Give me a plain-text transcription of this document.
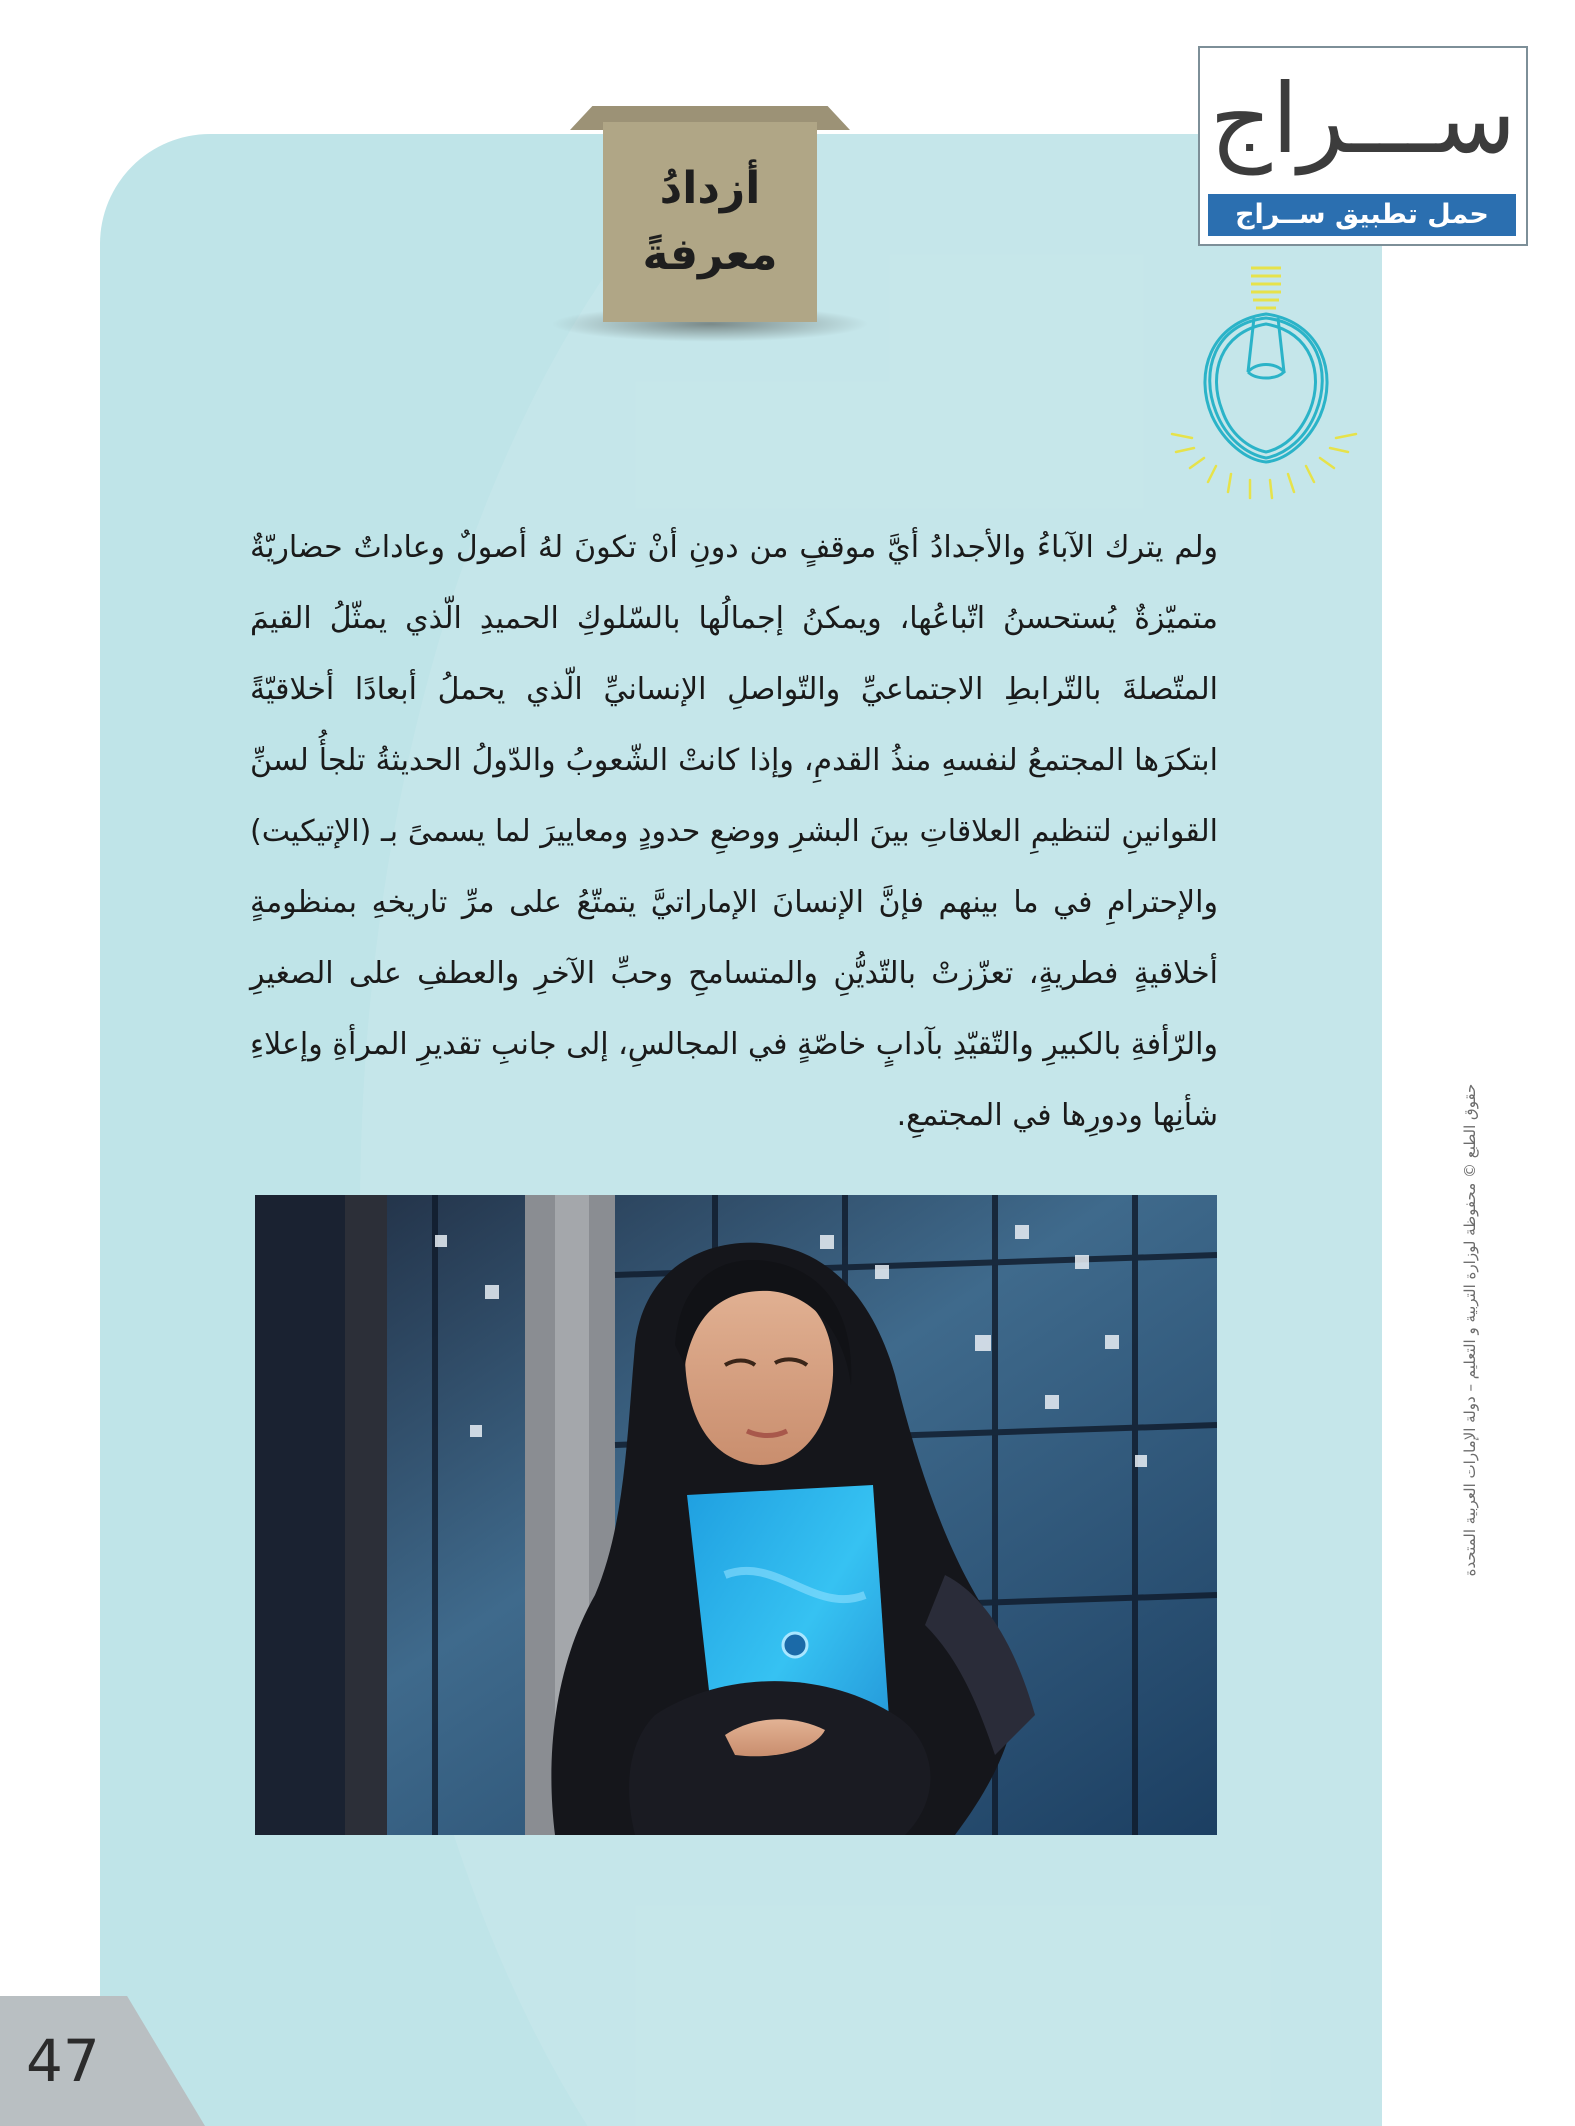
أزدادُ
معرفةً
ســـراج
حمل تطبيق ســراج
ولم يترك الآباءُ والأجدادُ أيَّ موقفٍ من دونِ أنْ تكونَ لهُ أصولٌ وعاداتٌ حضاريّةٌ متميّزةٌ يُستحسنُ اتّباعُها، ويمكنُ إجمالُها بالسّلوكِ الحميدِ الّذي يمثّلُ القيمَ المتّصلةَ بالتّرابطِ الاجتماعيِّ والتّواصلِ الإنسانيِّ الّذي يحملُ أبعادًا أخلاقيّةً ابتكرَها المجتمعُ لنفسهِ منذُ القدمِ، وإذا كانتْ الشّعوبُ والدّولُ الحديثةُ تلجأُ لسنِّ القوانينِ لتنظيمِ العلاقاتِ بينَ البشرِ ووضعِ حدودٍ ومعاييرَ لما يسمىً بـ (الإتيكيت) والإحترامِ في ما بينهم فإنَّ الإنسانَ الإماراتيَّ يتمتّعُ على مرِّ تاريخهِ بمنظومةٍ أخلاقيةٍ فطريةٍ، تعزّزتْ بالتّديُّنِ والمتسامحِ وحبِّ الآخرِ والعطفِ على الصغيرِ والرّأفةِ بالكبيرِ والتّقيّدِ بآدابٍ خاصّةٍ في المجالسِ، إلى جانبِ تقديرِ المرأةِ وإعلاءِ شأنِها ودورِها في المجتمعِ.	حقوق الطبع © محفوظة لوزارة التربية و التعليم – دولة الإمارات العربية المتحدة
47
